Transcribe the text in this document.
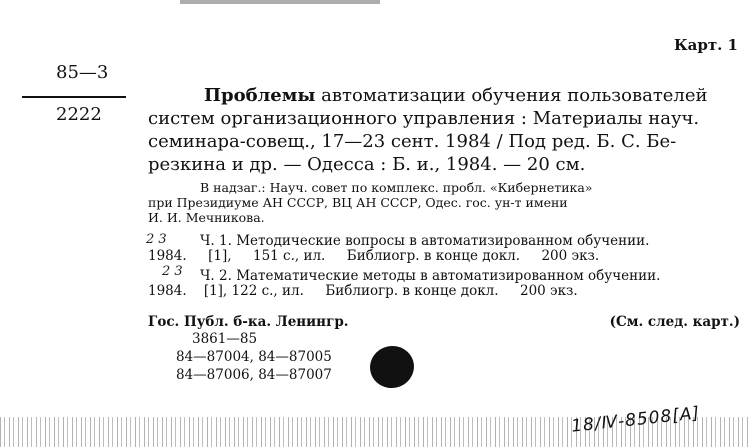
Карт. 1
85—3
2222
Проблемы автоматизации обучения пользователей
систем организационного управления : Материалы науч.
семинара-совещ., 17—23 сент. 1984 / Под ред. Б. С. Бе-
резкина и др. — Одесса : Б. и., 1984. — 20 см.
В надзаг.: Науч. совет по комплекс. пробл. «Кибернетика»
при Президиуме АН СССР, ВЦ АН СССР, Одес. гос. ун-т имени
И. И. Мечникова.
2 3	Ч. 1. Методические вопросы в автоматизированном обучении.
1984.     [1],     151 с., ил.     Библиогр. в конце докл.     200 экз.
2 3	Ч. 2. Математические методы в автоматизированном обучении.
1984.    [1], 122 с., ил.     Библиогр. в конце докл.     200 экз.
Гос. Публ. б-ка. Ленингр.	(См. след. карт.)
3861—85
84—87004, 84—87005
84—87006, 84—87007
18/Ⅳ-8508[A]
